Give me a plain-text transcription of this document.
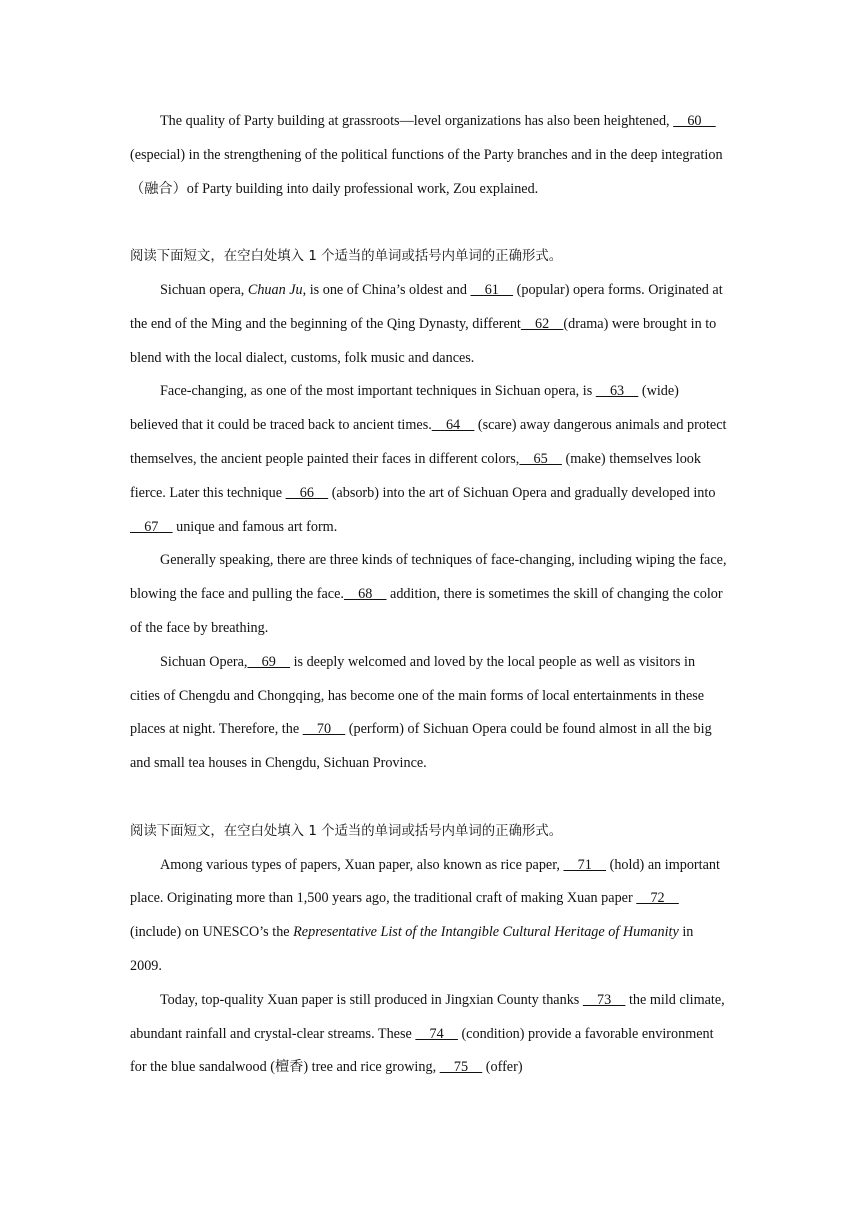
The quality of Party building at grassroots—level organizations has also been heightened,     60     (especial) in the strengthening of the political functions of the Party branches and in the deep integration（融合）of Party building into daily professional work, Zou explained.

阅读下面短文，在空白处填入 1 个适当的单词或括号内单词的正确形式。

Sichuan opera, Chuan Ju, is one of China’s oldest and     61     (popular) opera forms. Originated at the end of the Ming and the beginning of the Qing Dynasty, different    62    (drama) were brought in to blend with the local dialect, customs, folk music and dances.

Face-changing, as one of the most important techniques in Sichuan opera, is     63     (wide) believed that it could be traced back to ancient times.    64     (scare) away dangerous animals and protect themselves, the ancient people painted their faces in different colors,    65     (make) themselves look fierce. Later this technique     66     (absorb) into the art of Sichuan Opera and gradually developed into     67     unique and famous art form.

Generally speaking, there are three kinds of techniques of face-changing, including wiping the face, blowing the face and pulling the face.    68     addition, there is sometimes the skill of changing the color of the face by breathing.

Sichuan Opera,    69     is deeply welcomed and loved by the local people as well as visitors in cities of Chengdu and Chongqing, has become one of the main forms of local entertainments in these places at night. Therefore, the     70     (perform) of Sichuan Opera could be found almost in all the big and small tea houses in Chengdu, Sichuan Province.

阅读下面短文，在空白处填入 1 个适当的单词或括号内单词的正确形式。

Among various types of papers, Xuan paper, also known as rice paper,     71     (hold) an important place. Originating more than 1,500 years ago, the traditional craft of making Xuan paper     72     (include) on UNESCO’s the Representative List of the Intangible Cultural Heritage of Humanity in 2009.

Today, top-quality Xuan paper is still produced in Jingxian County thanks     73     the mild climate, abundant rainfall and crystal-clear streams. These     74     (condition) provide a favorable environment for the blue sandalwood (檀香) tree and rice growing,     75     (offer)
